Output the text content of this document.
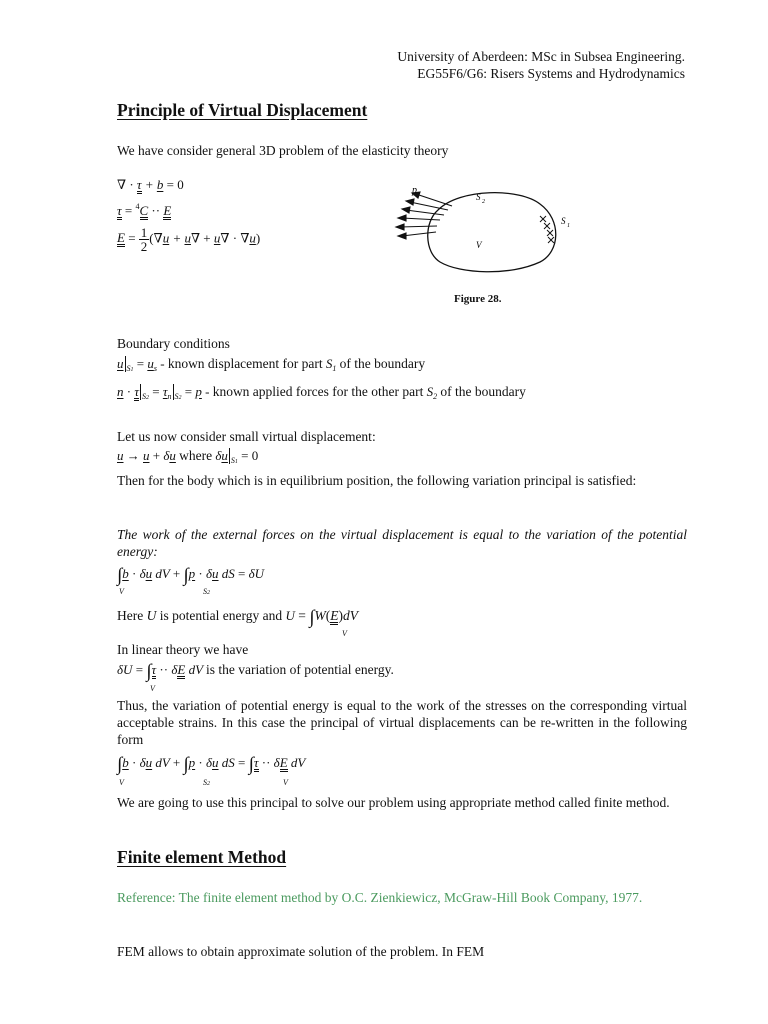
University of Aberdeen: MSc in Subsea Engineering.
EG55F6/G6: Risers Systems and Hydrodynamics
Principle of Virtual Displacement
We have consider general 3D problem of the elasticity theory
∇ · τ + b = 0
τ = $^4$C ·· E
$E = \frac{1}{2} (\nabla u + u\nabla + u\nabla \cdot \nabla u)$
p
S 2
S 1
V
Figure 28.
Boundary conditions
u $_{S1} = u_s$ - known displacement for part $S_1$ of the boundary
n · τ $_{S2} = \tau_n$ $_{S2}$ = p - known applied forces for the other part $S_2$ of the boundary
Let us now consider small virtual displacement:
u → u + δu where δu $_{S1}$ = 0
Then for the body which is in equilibrium position, the following variation principal is satisfied:
The work of the external forces on the virtual displacement is equal to the variation of the potential energy:
∫b · δu dV + ∫p · δu dS = δU
V	S2
Here U is potential energy and U = ∫W(E)dV
V
In linear theory we have
δU = ∫τ ·· δE dV is the variation of potential energy.
V
Thus, the variation of potential energy is equal to the work of the stresses on the corresponding virtual acceptable strains. In this case the principal of virtual displacements can be re-written in the following form
∫b · δu dV + ∫p · δu dS = ∫τ ·· δE dV
V	S2	V
We are going to use this principal to solve our problem using appropriate method called finite method.
Finite element Method
Reference: The finite element method by O.C. Zienkiewicz, McGraw-Hill Book Company, 1977.
FEM allows to obtain approximate solution of the problem. In FEM
